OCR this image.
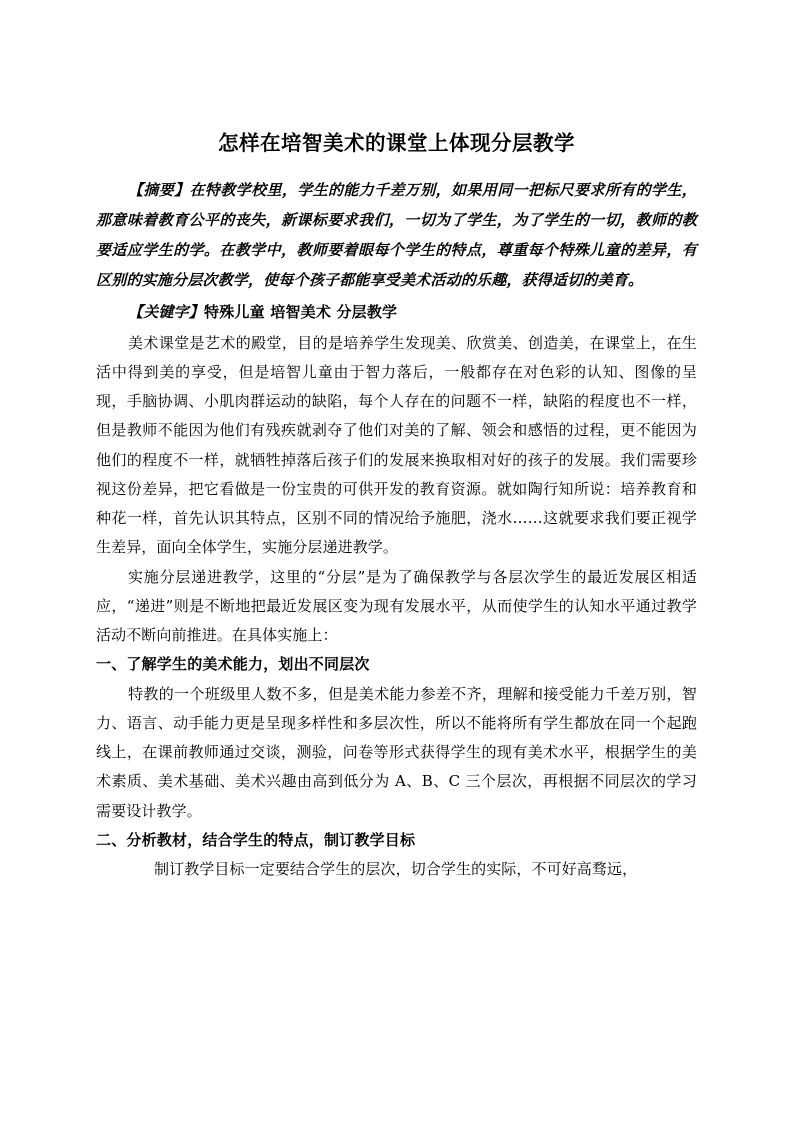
怎样在培智美术的课堂上体现分层教学

【摘要】在特教学校里，学生的能力千差万别，如果用同一把标尺要求所有的学生，那意味着教育公平的丧失，新课标要求我们，一切为了学生，为了学生的一切，教师的教要适应学生的学。在教学中，教师要着眼每个学生的特点，尊重每个特殊儿童的差异，有区别的实施分层次教学，使每个孩子都能享受美术活动的乐趣，获得适切的美育。

【关键字】特殊儿童 培智美术 分层教学

美术课堂是艺术的殿堂，目的是培养学生发现美、欣赏美、创造美，在课堂上，在生活中得到美的享受，但是培智儿童由于智力落后，一般都存在对色彩的认知、图像的呈现，手脑协调、小肌肉群运动的缺陷，每个人存在的问题不一样，缺陷的程度也不一样，但是教师不能因为他们有残疾就剥夺了他们对美的了解、领会和感悟的过程，更不能因为他们的程度不一样，就牺牲掉落后孩子们的发展来换取相对好的孩子的发展。我们需要珍视这份差异，把它看做是一份宝贵的可供开发的教育资源。就如陶行知所说：培养教育和种花一样，首先认识其特点，区别不同的情况给予施肥，浇水……这就要求我们要正视学生差异，面向全体学生，实施分层递进教学。

实施分层递进教学，这里的“分层”是为了确保教学与各层次学生的最近发展区相适应，“递进”则是不断地把最近发展区变为现有发展水平，从而使学生的认知水平通过教学活动不断向前推进。在具体实施上：

一、了解学生的美术能力，划出不同层次

特教的一个班级里人数不多，但是美术能力参差不齐，理解和接受能力千差万别，智力、语言、动手能力更是呈现多样性和多层次性，所以不能将所有学生都放在同一个起跑线上，在课前教师通过交谈，测验，问卷等形式获得学生的现有美术水平，根据学生的美术素质、美术基础、美术兴趣由高到低分为 A、B、C 三个层次，再根据不同层次的学习需要设计教学。

二、分析教材，结合学生的特点，制订教学目标

制订教学目标一定要结合学生的层次，切合学生的实际，不可好高骛远，
